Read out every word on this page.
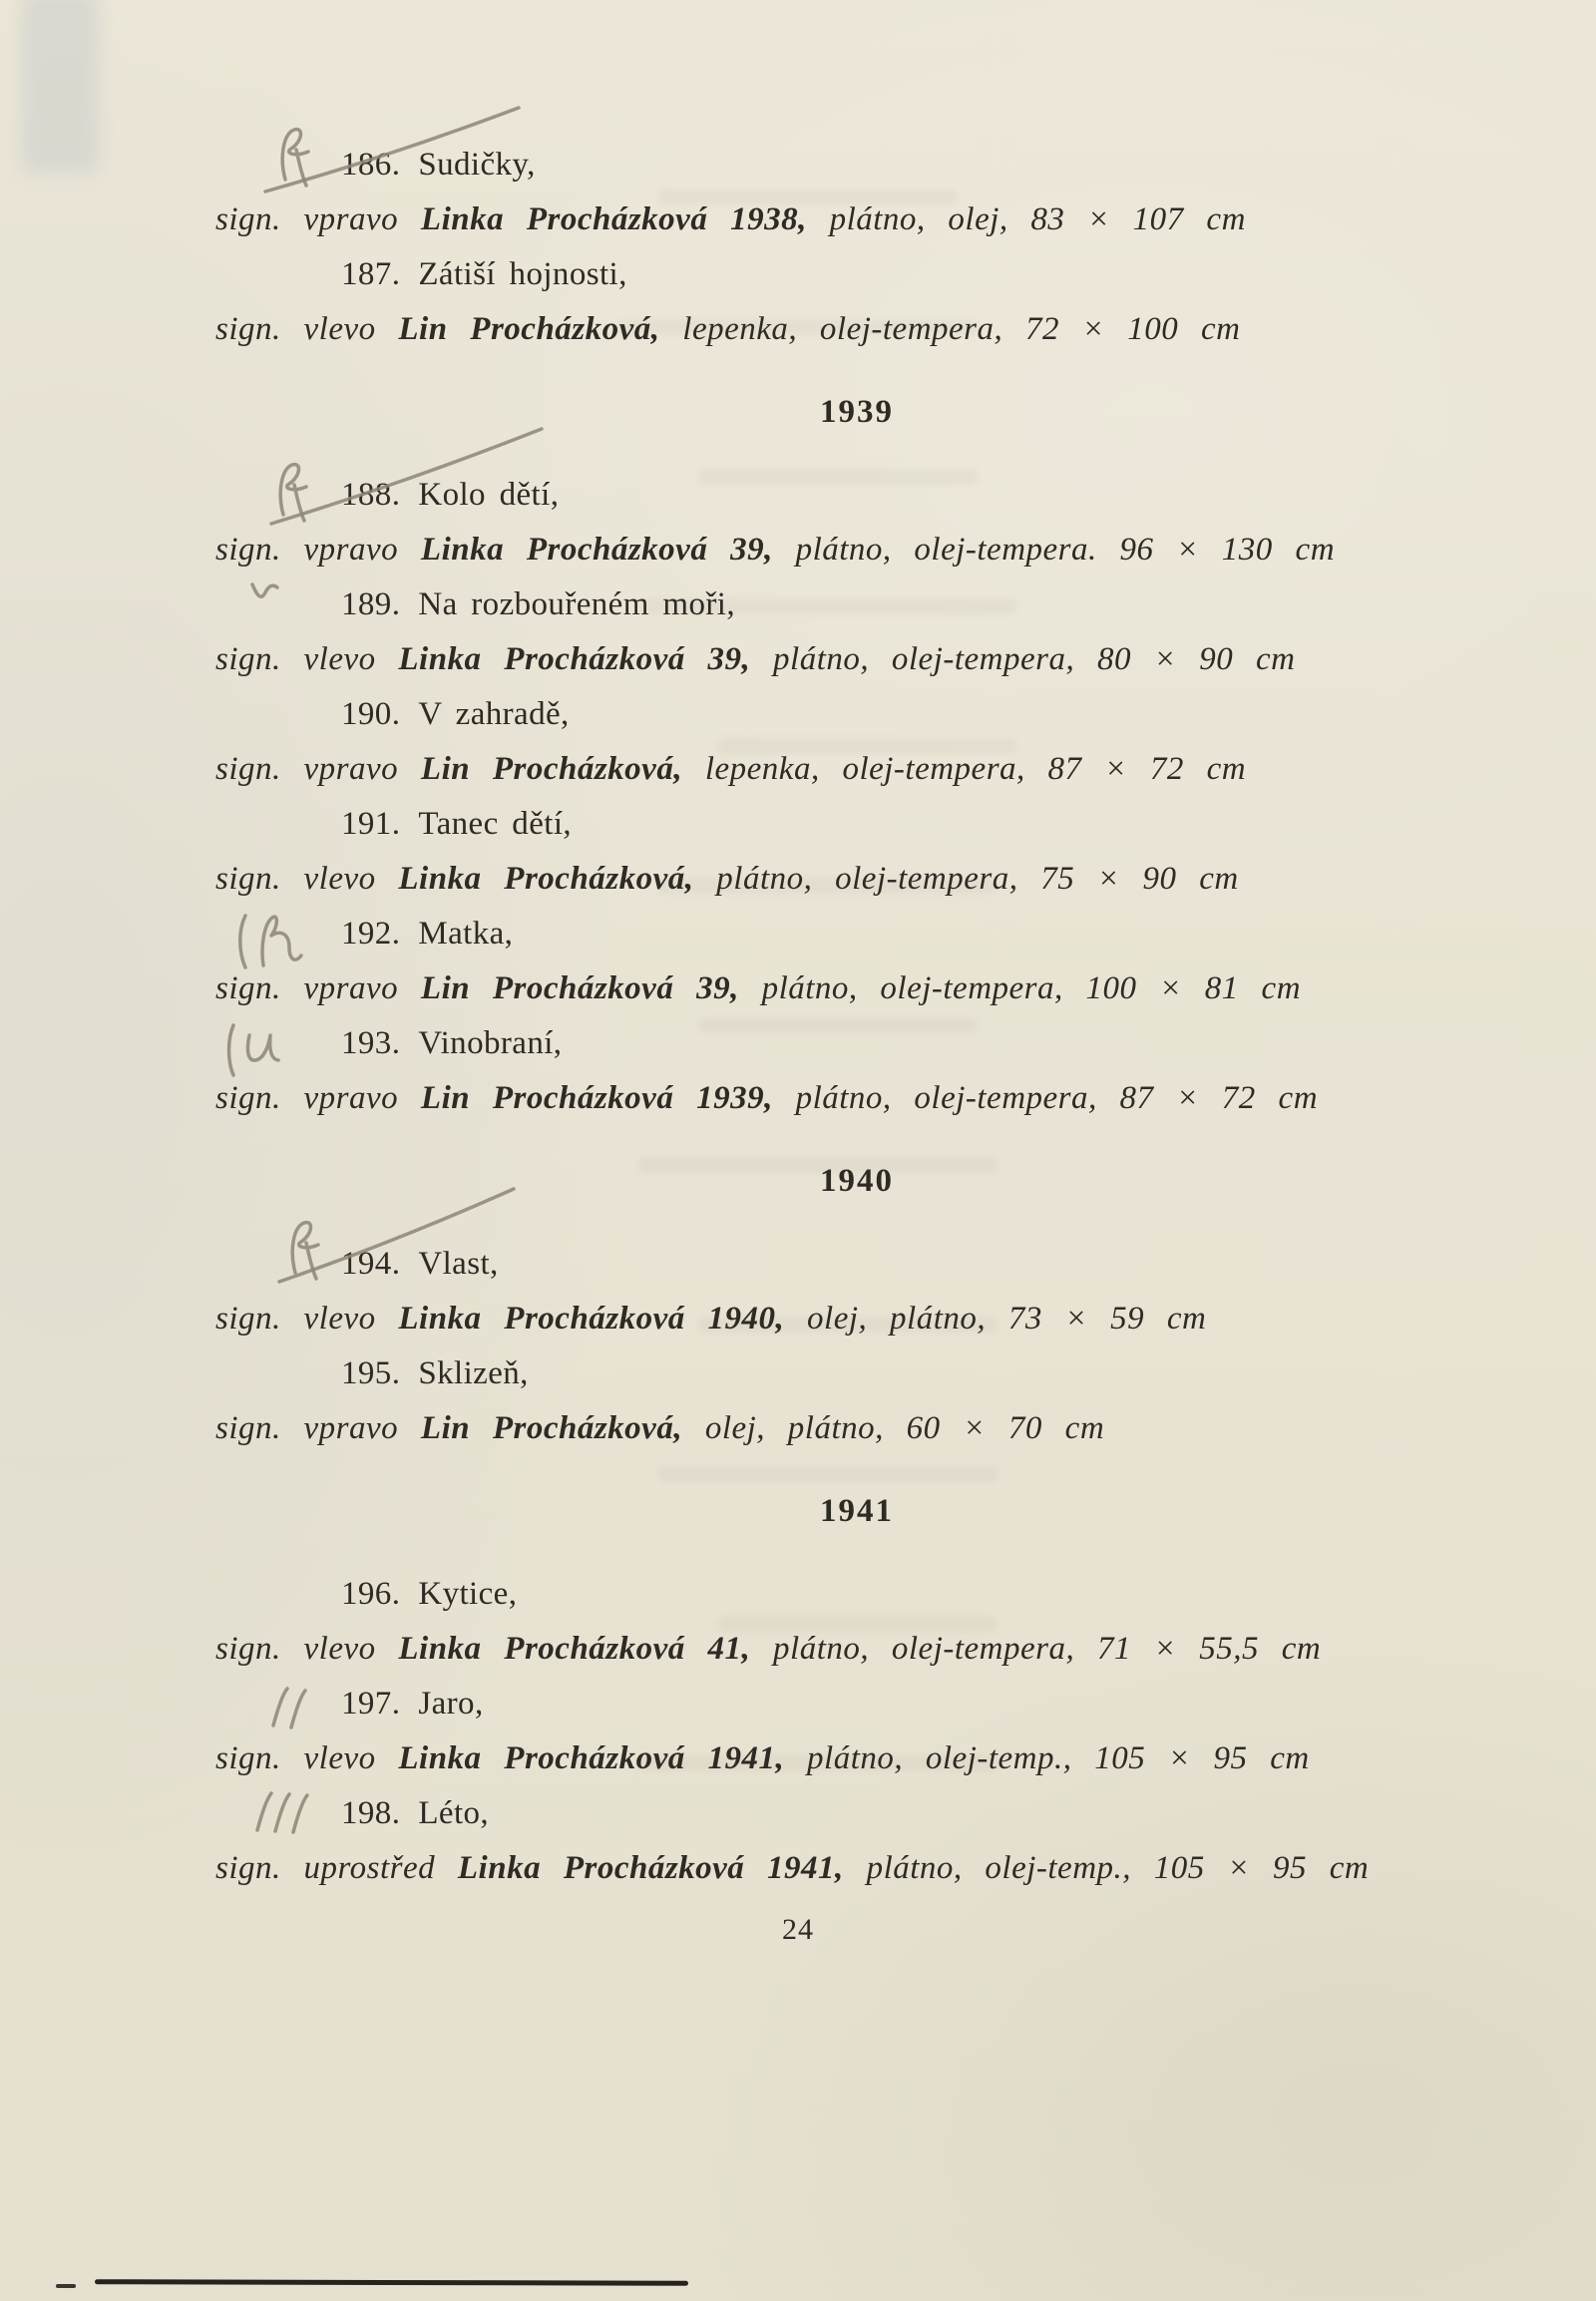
186. Sudičky,
sign. vpravo Linka Procházková 1938, plátno, olej, 83 × 107 cm
187. Zátiší hojnosti,
sign. vlevo Lin Procházková, lepenka, olej-tempera, 72 × 100 cm
1939
188. Kolo dětí,
sign. vpravo Linka Procházková 39, plátno, olej-tempera. 96 × 130 cm
189. Na rozbouřeném moři,
sign. vlevo Linka Procházková 39, plátno, olej-tempera, 80 × 90 cm
190. V zahradě,
sign. vpravo Lin Procházková, lepenka, olej-tempera, 87 × 72 cm
191. Tanec dětí,
sign. vlevo Linka Procházková, plátno, olej-tempera, 75 × 90 cm
192. Matka,
sign. vpravo Lin Procházková 39, plátno, olej-tempera, 100 × 81 cm
193. Vinobraní,
sign. vpravo Lin Procházková 1939, plátno, olej-tempera, 87 × 72 cm
1940
194. Vlast,
sign. vlevo Linka Procházková 1940, olej, plátno, 73 × 59 cm
195. Sklizeň,
sign. vpravo Lin Procházková, olej, plátno, 60 × 70 cm
1941
196. Kytice,
sign. vlevo Linka Procházková 41, plátno, olej-tempera, 71 × 55,5 cm
197. Jaro,
sign. vlevo Linka Procházková 1941, plátno, olej-temp., 105 × 95 cm
198. Léto,
sign. uprostřed Linka Procházková 1941, plátno, olej-temp., 105 × 95 cm
24
